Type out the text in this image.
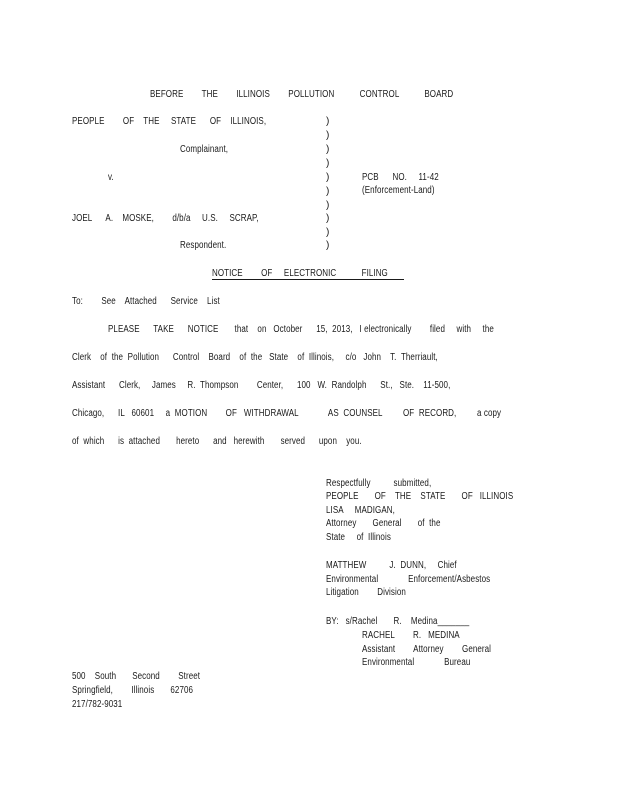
BEFORE        THE        ILLINOIS        POLLUTION           CONTROL           BOARD
PEOPLE        OF    THE     STATE      OF    ILLINOIS,
Complainant,
v.	PCB      NO.     11-42
(Enforcement-Land)
JOEL      A.    MOSKE,        d/b/a     U.S.     SCRAP,
Respondent.
)
)
)
)
)
)
)
)
)
)
NOTICE        OF     ELECTRONIC           FILING
To:        See    Attached      Service    List
PLEASE      TAKE      NOTICE       that    on   October      15,  2013,   I electronically        filed     with     the
Clerk    of  the  Pollution      Control    Board    of  the   State    of  Illinois,     c/o   John    T.  Therriault,
Assistant      Clerk,     James     R.  Thompson        Center,      100   W.  Randolph      St.,   Ste.    11-500,
Chicago,      IL   60601     a  MOTION        OF   WITHDRAWAL             AS  COUNSEL         OF  RECORD,         a copy
of  which      is  attached       hereto      and   herewith       served      upon    you.
Respectfully          submitted,
PEOPLE       OF    THE    STATE       OF   ILLINOIS
LISA     MADIGAN,
Attorney       General       of  the
State     of  Illinois
MATTHEW          J.  DUNN,     Chief
Environmental             Enforcement/Asbestos
Litigation        Division
BY:   s/Rachel       R.    Medina_______
RACHEL        R.   MEDINA
Assistant        Attorney        General
Environmental             Bureau
500    South       Second        Street
Springfield,        Illinois       62706
217/782-9031
